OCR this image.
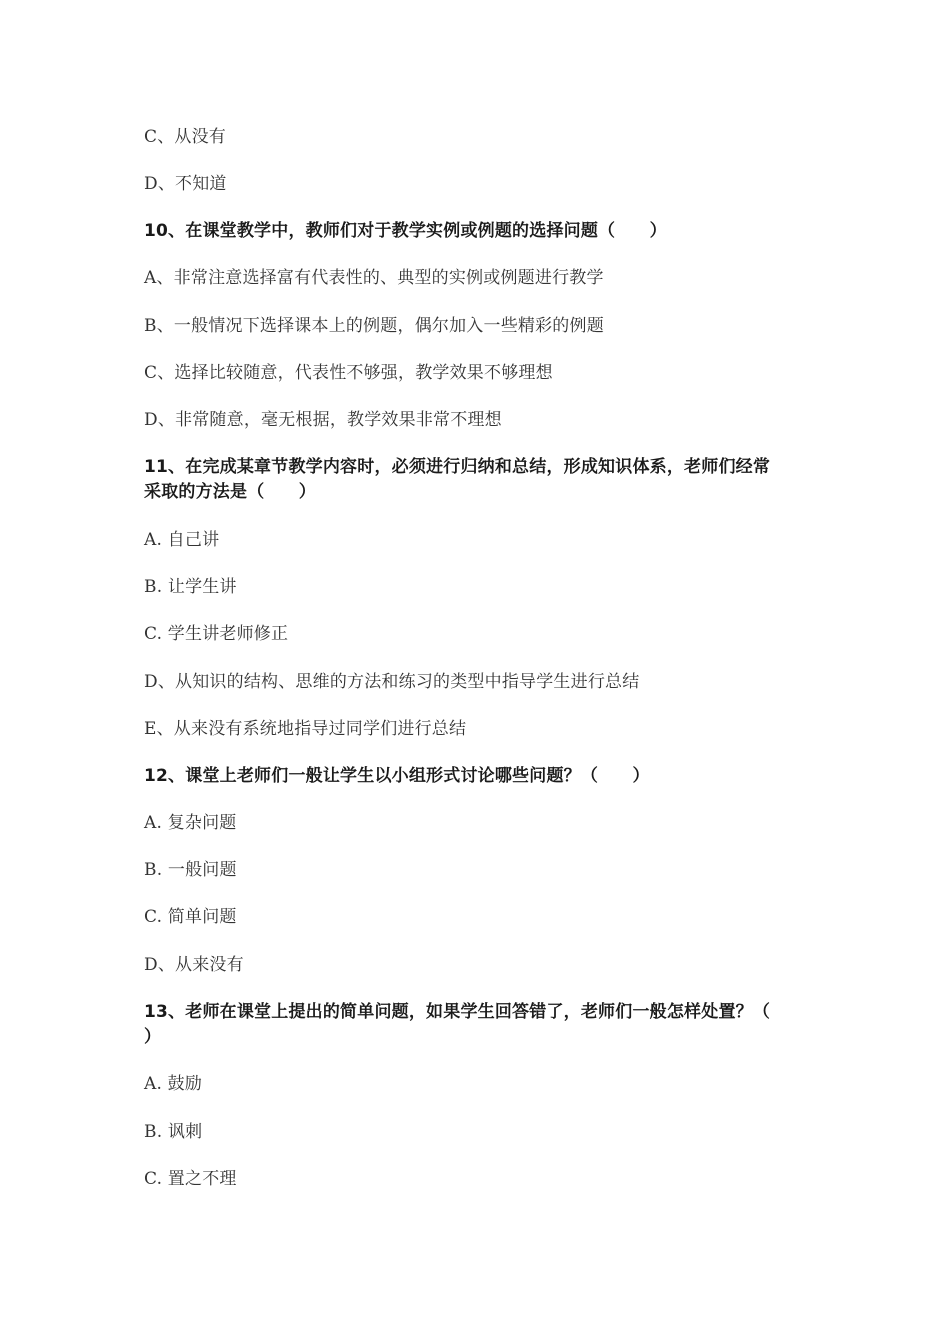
C、从没有
D、不知道
10、在课堂教学中，教师们对于教学实例或例题的选择问题（　　）
A、非常注意选择富有代表性的、典型的实例或例题进行教学
B、一般情况下选择课本上的例题，偶尔加入一些精彩的例题
C、选择比较随意，代表性不够强，教学效果不够理想
D、非常随意，毫无根据，教学效果非常不理想
11、在完成某章节教学内容时，必须进行归纳和总结，形成知识体系，老师们经常
采取的方法是（　　）
A. 自己讲
B. 让学生讲
C. 学生讲老师修正
D、从知识的结构、思维的方法和练习的类型中指导学生进行总结
E、从来没有系统地指导过同学们进行总结
12、课堂上老师们一般让学生以小组形式讨论哪些问题？（　　）
A. 复杂问题
B. 一般问题
C. 简单问题
D、从来没有
13、老师在课堂上提出的简单问题，如果学生回答错了，老师们一般怎样处置？（
）
A. 鼓励
B. 讽刺
C. 置之不理
